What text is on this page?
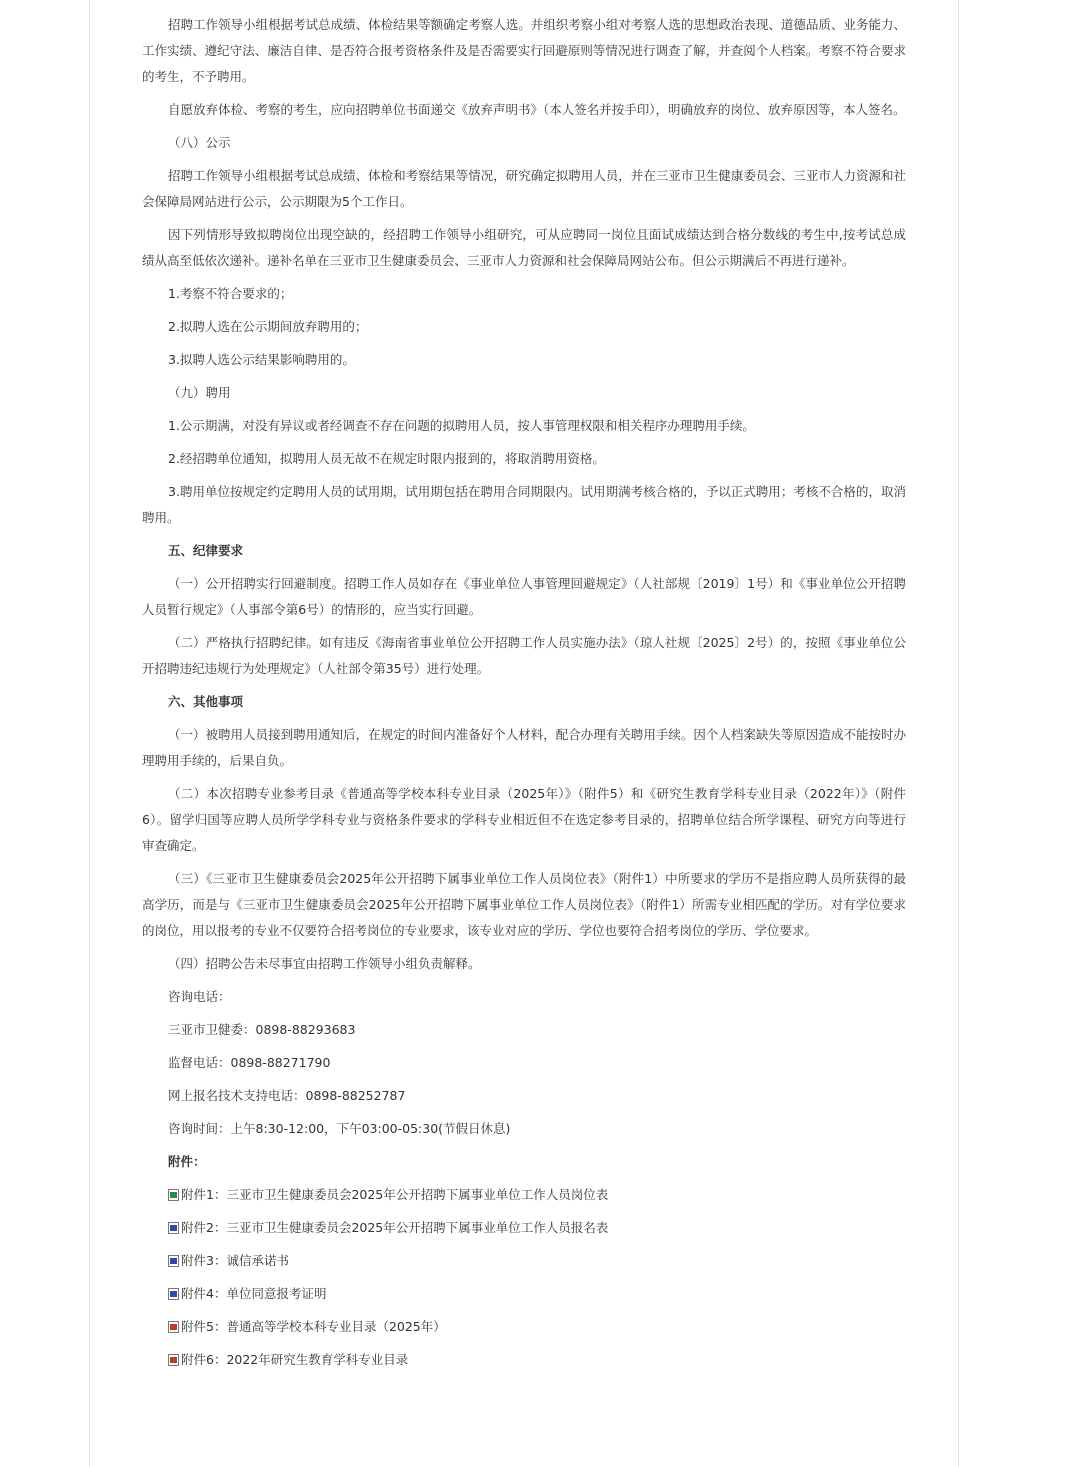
招聘工作领导小组根据考试总成绩、体检结果等额确定考察人选。并组织考察小组对考察人选的思想政治表现、道德品质、业务能力、工作实绩、遵纪守法、廉洁自律、是否符合报考资格条件及是否需要实行回避原则等情况进行调查了解，并查阅个人档案。考察不符合要求的考生，不予聘用。

自愿放弃体检、考察的考生，应向招聘单位书面递交《放弃声明书》（本人签名并按手印），明确放弃的岗位、放弃原因等，本人签名。

（八）公示

招聘工作领导小组根据考试总成绩、体检和考察结果等情况，研究确定拟聘用人员，并在三亚市卫生健康委员会、三亚市人力资源和社会保障局网站进行公示，公示期限为5个工作日。

因下列情形导致拟聘岗位出现空缺的，经招聘工作领导小组研究，可从应聘同一岗位且面试成绩达到合格分数线的考生中,按考试总成绩从高至低依次递补。递补名单在三亚市卫生健康委员会、三亚市人力资源和社会保障局网站公布。但公示期满后不再进行递补。

1.考察不符合要求的；

2.拟聘人选在公示期间放弃聘用的；

3.拟聘人选公示结果影响聘用的。

（九）聘用

1.公示期满，对没有异议或者经调查不存在问题的拟聘用人员，按人事管理权限和相关程序办理聘用手续。

2.经招聘单位通知，拟聘用人员无故不在规定时限内报到的，将取消聘用资格。

3.聘用单位按规定约定聘用人员的试用期，试用期包括在聘用合同期限内。试用期满考核合格的，予以正式聘用；考核不合格的，取消聘用。

五、纪律要求

（一）公开招聘实行回避制度。招聘工作人员如存在《事业单位人事管理回避规定》（人社部规〔2019〕1号）和《事业单位公开招聘人员暂行规定》（人事部令第6号）的情形的，应当实行回避。

（二）严格执行招聘纪律。如有违反《海南省事业单位公开招聘工作人员实施办法》（琼人社规〔2025〕2号）的，按照《事业单位公开招聘违纪违规行为处理规定》（人社部令第35号）进行处理。

六、其他事项

（一）被聘用人员接到聘用通知后，在规定的时间内准备好个人材料，配合办理有关聘用手续。因个人档案缺失等原因造成不能按时办理聘用手续的，后果自负。

（二）本次招聘专业参考目录《普通高等学校本科专业目录（2025年）》（附件5）和《研究生教育学科专业目录（2022年）》（附件6）。留学归国等应聘人员所学学科专业与资格条件要求的学科专业相近但不在选定参考目录的，招聘单位结合所学课程、研究方向等进行审查确定。

（三）《三亚市卫生健康委员会2025年公开招聘下属事业单位工作人员岗位表》（附件1）中所要求的学历不是指应聘人员所获得的最高学历，而是与《三亚市卫生健康委员会2025年公开招聘下属事业单位工作人员岗位表》（附件1）所需专业相匹配的学历。对有学位要求的岗位，用以报考的专业不仅要符合招考岗位的专业要求，该专业对应的学历、学位也要符合招考岗位的学历、学位要求。

（四）招聘公告未尽事宜由招聘工作领导小组负责解释。

咨询电话：

三亚市卫健委：0898-88293683

监督电话：0898-88271790

网上报名技术支持电话：0898-88252787

咨询时间：上午8:30-12:00，下午03:00-05:30(节假日休息)

附件：

附件1：三亚市卫生健康委员会2025年公开招聘下属事业单位工作人员岗位表
附件2：三亚市卫生健康委员会2025年公开招聘下属事业单位工作人员报名表
附件3：诚信承诺书
附件4：单位同意报考证明
附件5：普通高等学校本科专业目录（2025年）
附件6：2022年研究生教育学科专业目录
